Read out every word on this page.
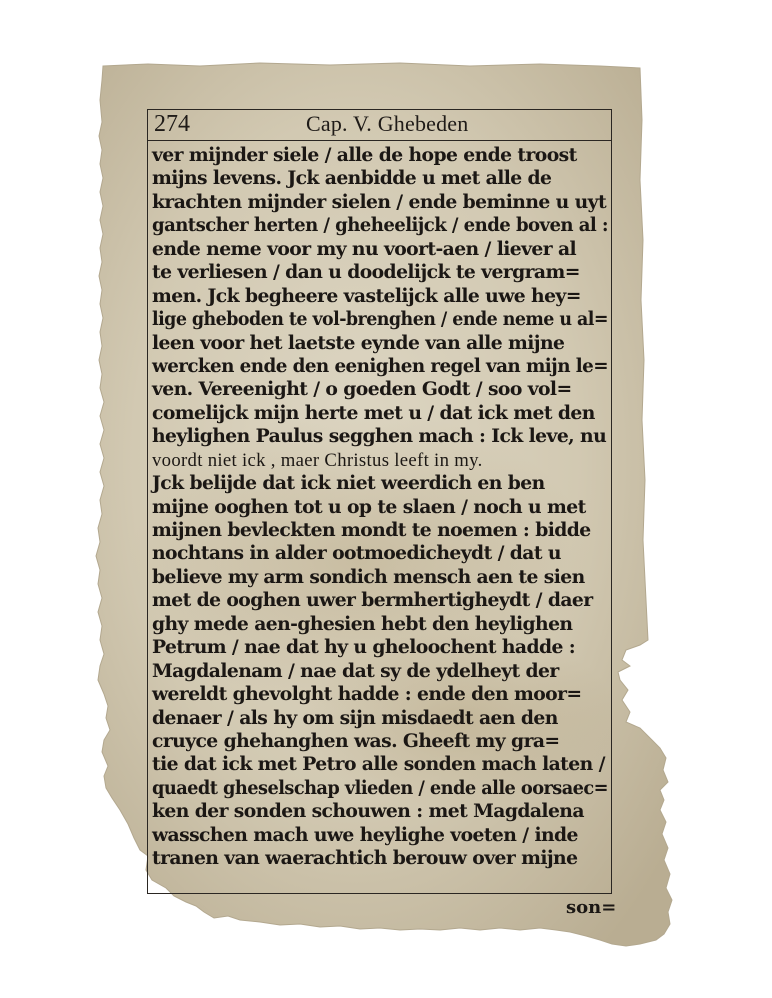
274	Cap. V. Ghebeden
ver mijnder siele / alle de hope ende troost
mijns levens. Jck aenbidde u met alle de
krachten mijnder sielen / ende beminne u uyt
gantscher herten / gheheelijck / ende boven al :
ende neme voor my nu voort-aen / liever al
te verliesen / dan u doodelijck te vergram=
men. Jck begheere vastelijck alle uwe hey=
lige gheboden te vol-brenghen / ende neme u al=
leen voor het laetste eynde van alle mijne
wercken ende den eenighen regel van mijn le=
ven. Vereenight / o goeden Godt / soo vol=
comelijck mijn herte met u / dat ick met den
heylighen Paulus segghen mach : Ick leve, nu
voordt niet ick , maer Christus leeft in my.
Jck belijde dat ick niet weerdich en ben
mijne ooghen tot u op te slaen / noch u met
mijnen bevleckten mondt te noemen : bidde
nochtans in alder ootmoedicheydt / dat u
believe my arm sondich mensch aen te sien
met de ooghen uwer bermhertigheydt / daer
ghy mede aen-ghesien hebt den heylighen
Petrum / nae dat hy u gheloochent hadde :
Magdalenam / nae dat sy de ydelheyt der
wereldt ghevolght hadde : ende den moor=
denaer / als hy om sijn misdaedt aen den
cruyce ghehanghen was. Gheeft my gra=
tie dat ick met Petro alle sonden mach laten /
quaedt gheselschap vlieden / ende alle oorsaec=
ken der sonden schouwen : met Magdalena
wasschen mach uwe heylighe voeten / inde
tranen van waerachtich berouw over mijne
son=
